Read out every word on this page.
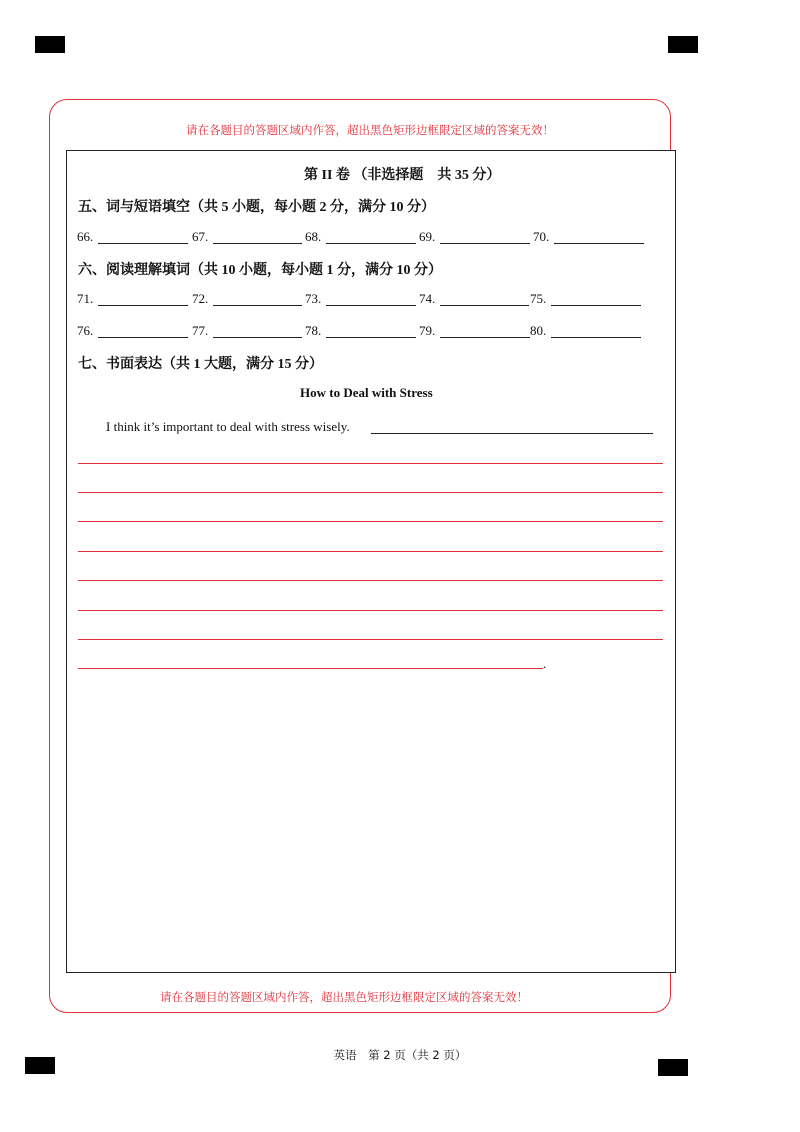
请在各题目的答题区域内作答，超出黑色矩形边框限定区域的答案无效！
请在各题目的答题区域内作答，超出黑色矩形边框限定区域的答案无效！
第 II 卷 （非选择题　共 35 分）
五、词与短语填空（共 5 小题，每小题 2 分，满分 10 分）
66.	67.	68.	69.	70.
六、阅读理解填词（共 10 小题，每小题 1 分，满分 10 分）
71.	72.	73.	74.	75.
76.	77.	78.	79.	80.
七、书面表达（共 1 大题，满分 15 分）
How to Deal with Stress
I think it’s important to deal with stress wisely.
.
英语　第 2 页（共 2 页）
